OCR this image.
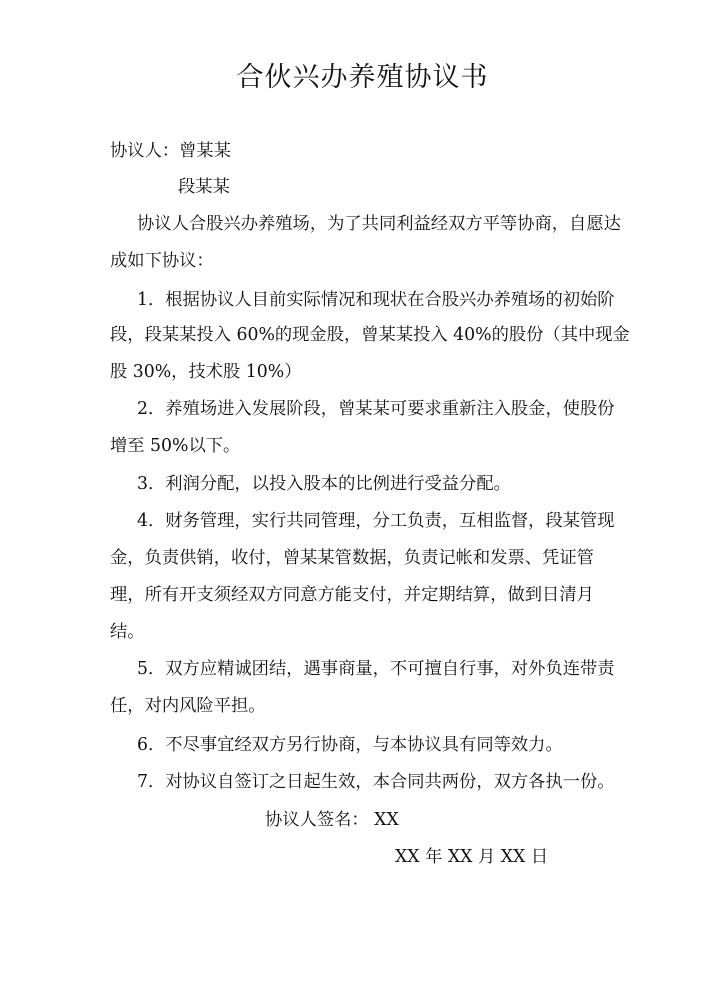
合伙兴办养殖协议书
协议人：曾某某
段某某
协议人合股兴办养殖场，为了共同利益经双方平等协商，自愿达
成如下协议：
1．根据协议人目前实际情况和现状在合股兴办养殖场的初始阶
段，段某某投入 60%的现金股，曾某某投入 40%的股份（其中现金
股 30%，技术股 10%）
2．养殖场进入发展阶段，曾某某可要求重新注入股金，使股份
增至 50%以下。
3．利润分配，以投入股本的比例进行受益分配。
4．财务管理，实行共同管理，分工负责，互相监督，段某管现
金，负责供销，收付，曾某某管数据，负责记帐和发票、凭证管
理，所有开支须经双方同意方能支付，并定期结算，做到日清月
结。
5．双方应精诚团结，遇事商量，不可擅自行事，对外负连带责
任，对内风险平担。
6．不尽事宜经双方另行协商，与本协议具有同等效力。
7．对协议自签订之日起生效，本合同共两份，双方各执一份。
协议人签名： XX
XX 年 XX 月 XX 日
